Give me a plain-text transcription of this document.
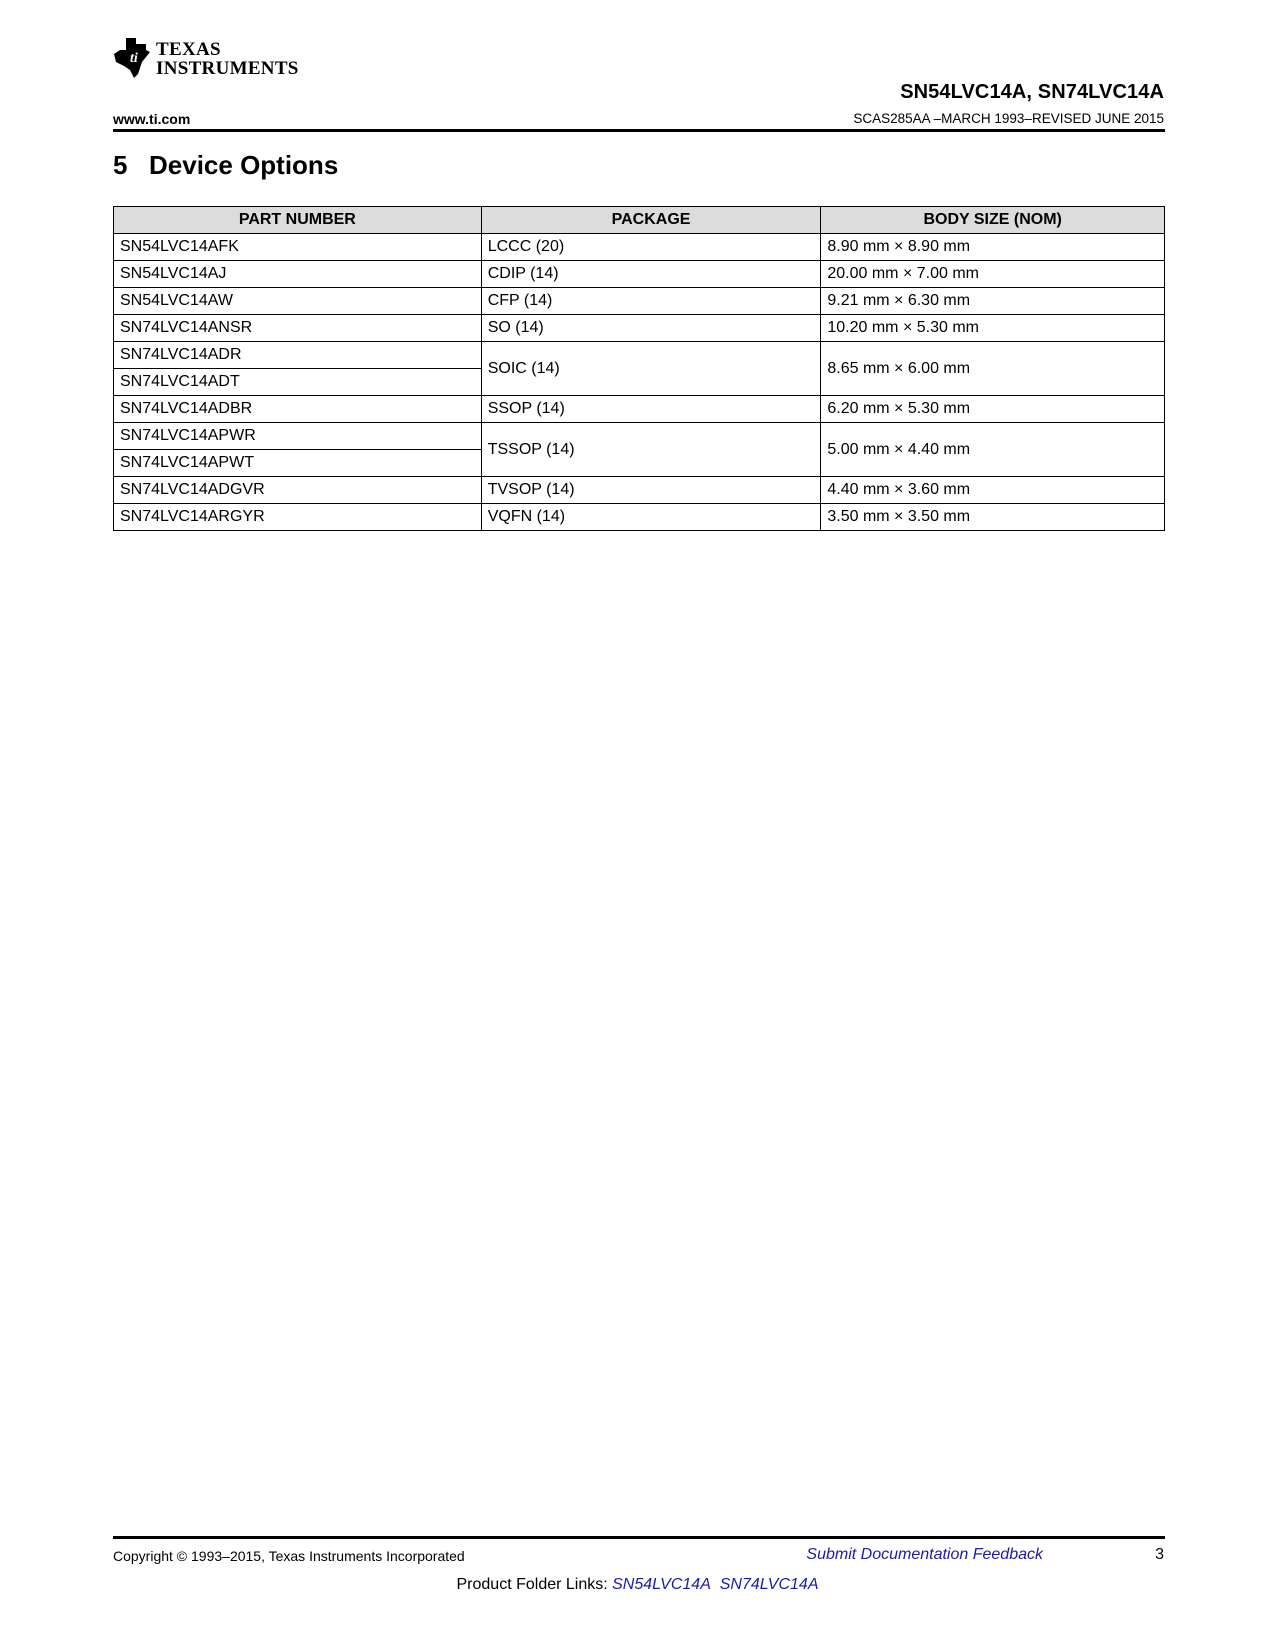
ti TEXAS
INSTRUMENTS
SN54LVC14A, SN74LVC14A
www.ti.com	SCAS285AA –MARCH 1993–REVISED JUNE 2015
5 Device Options
PART NUMBER	PACKAGE	BODY SIZE (NOM)
SN54LVC14AFK	LCCC (20)	8.90 mm × 8.90 mm
SN54LVC14AJ	CDIP (14)	20.00 mm × 7.00 mm
SN54LVC14AW	CFP (14)	9.21 mm × 6.30 mm
SN74LVC14ANSR	SO (14)	10.20 mm × 5.30 mm
SN74LVC14ADR	SOIC (14)	8.65 mm × 6.00 mm
SN74LVC14ADT		
SN74LVC14ADBR	SSOP (14)	6.20 mm × 5.30 mm
SN74LVC14APWR	TSSOP (14)	5.00 mm × 4.40 mm
SN74LVC14APWT		
SN74LVC14ADGVR	TVSOP (14)	4.40 mm × 3.60 mm
SN74LVC14ARGYR	VQFN (14)	3.50 mm × 3.50 mm
Copyright © 1993–2015, Texas Instruments Incorporated	Submit Documentation Feedback	3
Product Folder Links: SN54LVC14A SN74LVC14A
